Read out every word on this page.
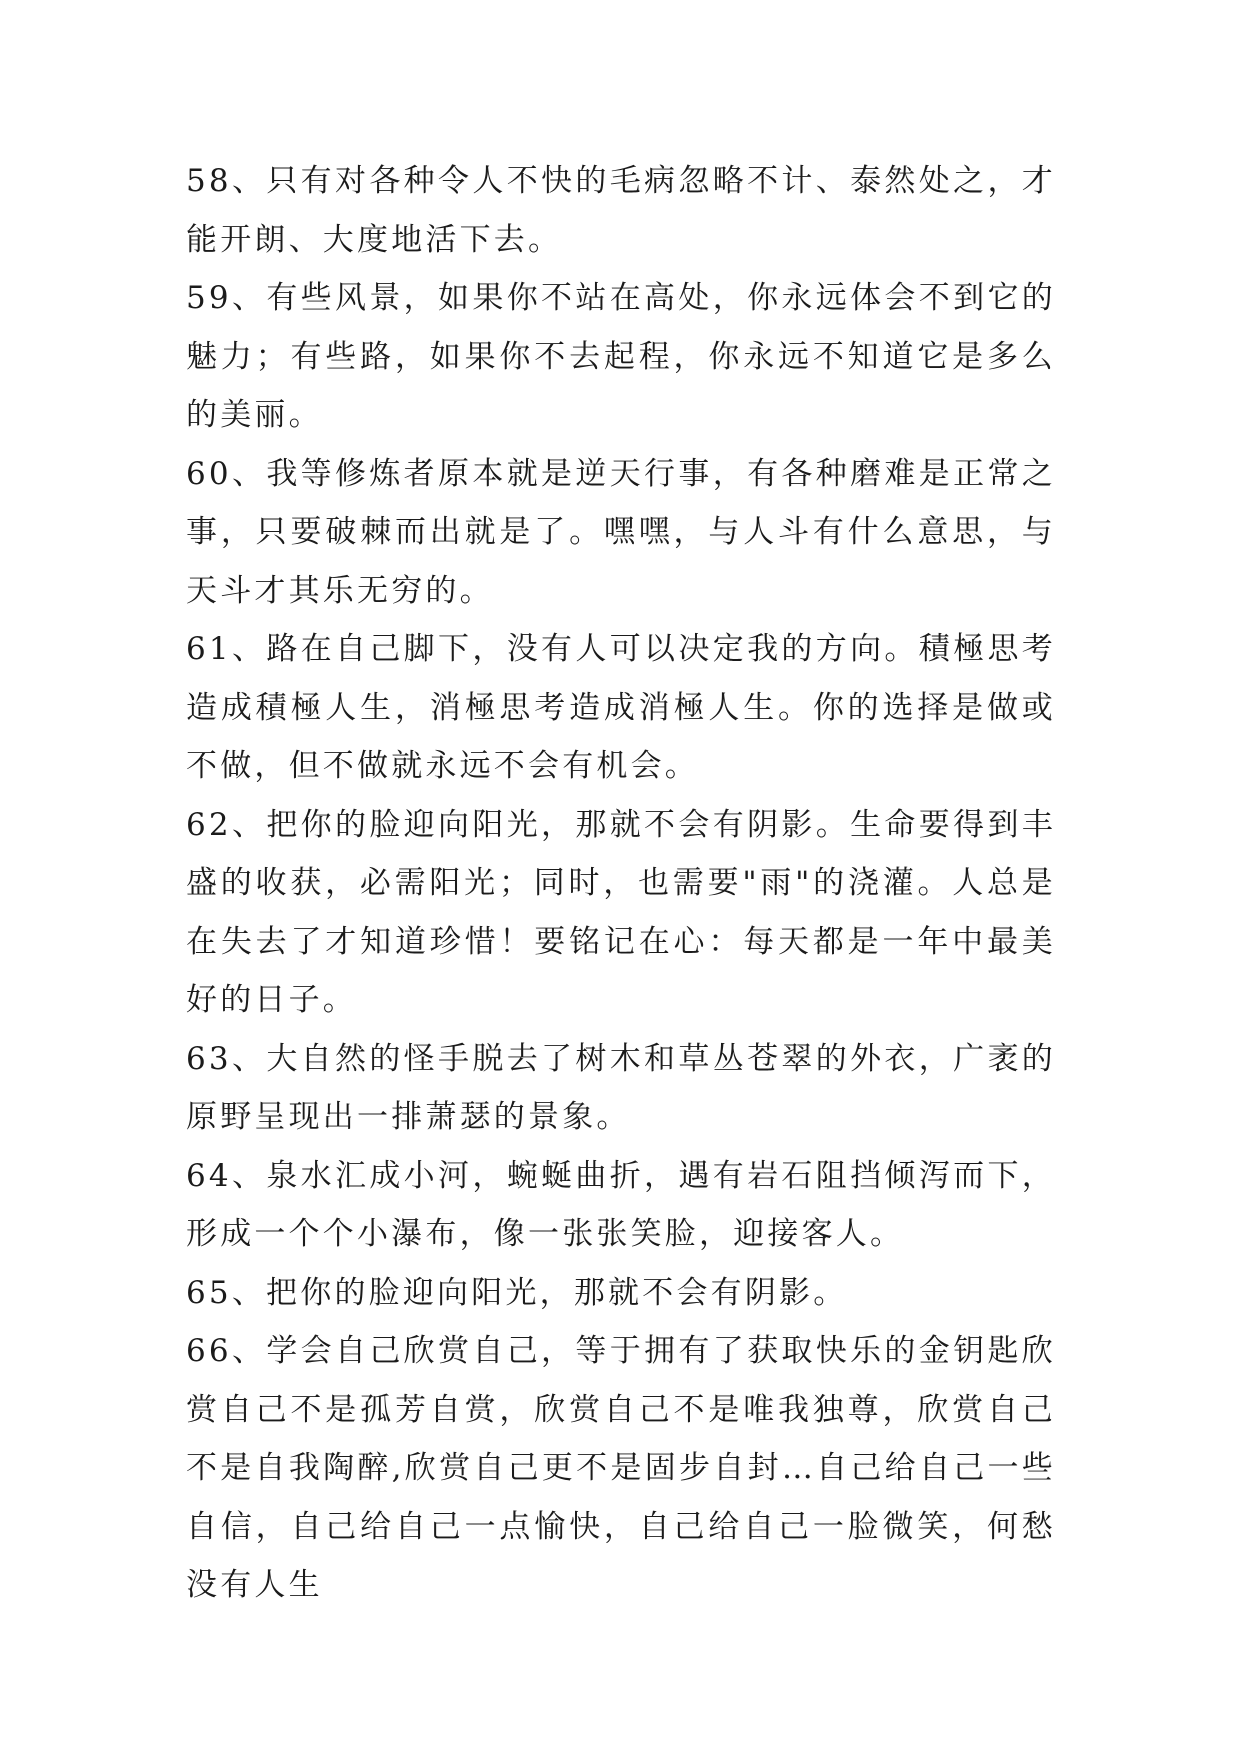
58、只有对各种令人不快的毛病忽略不计、泰然处之，才能开朗、大度地活下去。

59、有些风景，如果你不站在高处，你永远体会不到它的魅力；有些路，如果你不去起程，你永远不知道它是多么的美丽。

60、我等修炼者原本就是逆天行事，有各种磨难是正常之事，只要破棘而出就是了。嘿嘿，与人斗有什么意思，与天斗才其乐无穷的。

61、路在自己脚下，没有人可以决定我的方向。積極思考造成積極人生，消極思考造成消極人生。你的选择是做或不做，但不做就永远不会有机会。

62、把你的脸迎向阳光，那就不会有阴影。生命要得到丰盛的收获，必需阳光；同时，也需要"雨"的浇灌。人总是在失去了才知道珍惜！要铭记在心：每天都是一年中最美好的日子。

63、大自然的怪手脱去了树木和草丛苍翠的外衣，广袤的原野呈现出一排萧瑟的景象。

64、泉水汇成小河，蜿蜒曲折，遇有岩石阻挡倾泻而下，形成一个个小瀑布，像一张张笑脸，迎接客人。

65、把你的脸迎向阳光，那就不会有阴影。

66、学会自己欣赏自己，等于拥有了获取快乐的金钥匙欣赏自己不是孤芳自赏，欣赏自己不是唯我独尊，欣赏自己不是自我陶醉,欣赏自己更不是固步自封…自己给自己一些自信，自己给自己一点愉快，自己给自己一脸微笑，何愁没有人生
